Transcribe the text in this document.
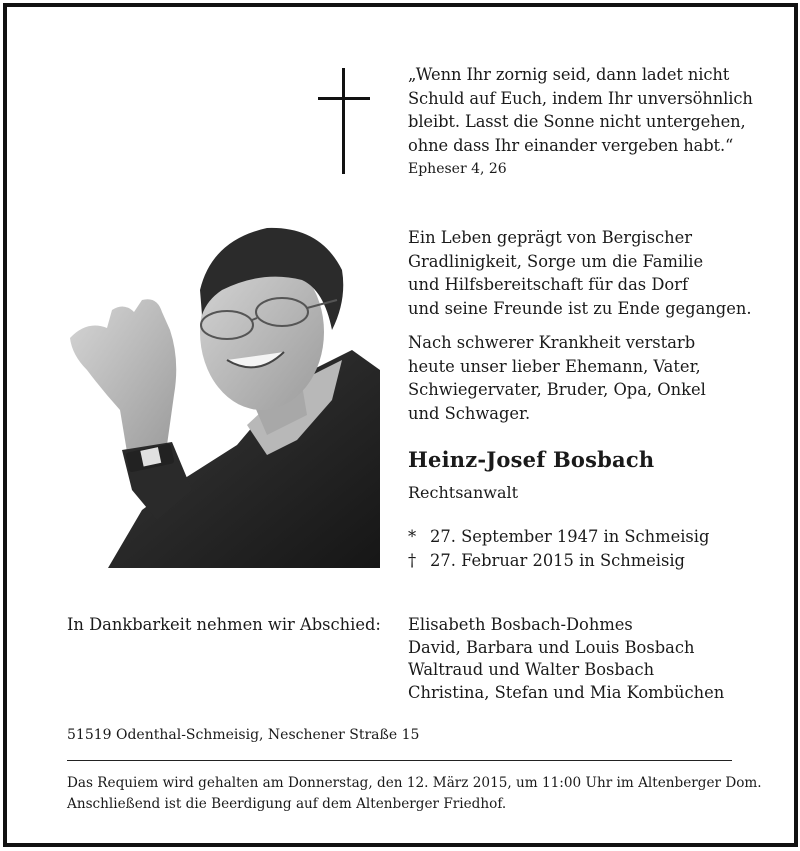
„Wenn Ihr zornig seid, dann ladet nicht
Schuld auf Euch, indem Ihr unversöhnlich
bleibt. Lasst die Sonne nicht untergehen,
ohne dass Ihr einander vergeben habt.“
Epheser 4, 26
Ein Leben geprägt von Bergischer
Gradlinigkeit, Sorge um die Familie
und Hilfsbereitschaft für das Dorf
und seine Freunde ist zu Ende gegangen.
Nach schwerer Krankheit verstarb
heute unser lieber Ehemann, Vater,
Schwiegervater, Bruder, Opa, Onkel
und Schwager.
Heinz-Josef Bosbach
Rechtsanwalt
* 27. September 1947 in Schmeisig
† 27. Februar 2015 in Schmeisig
In Dankbarkeit nehmen wir Abschied: Elisabeth Bosbach-Dohmes
David, Barbara und Louis Bosbach
Waltraud und Walter Bosbach
Christina, Stefan und Mia Kombüchen
51519 Odenthal-Schmeisig, Neschener Straße 15
Das Requiem wird gehalten am Donnerstag, den 12. März 2015, um 11:00 Uhr im Altenberger Dom.
Anschließend ist die Beerdigung auf dem Altenberger Friedhof.
